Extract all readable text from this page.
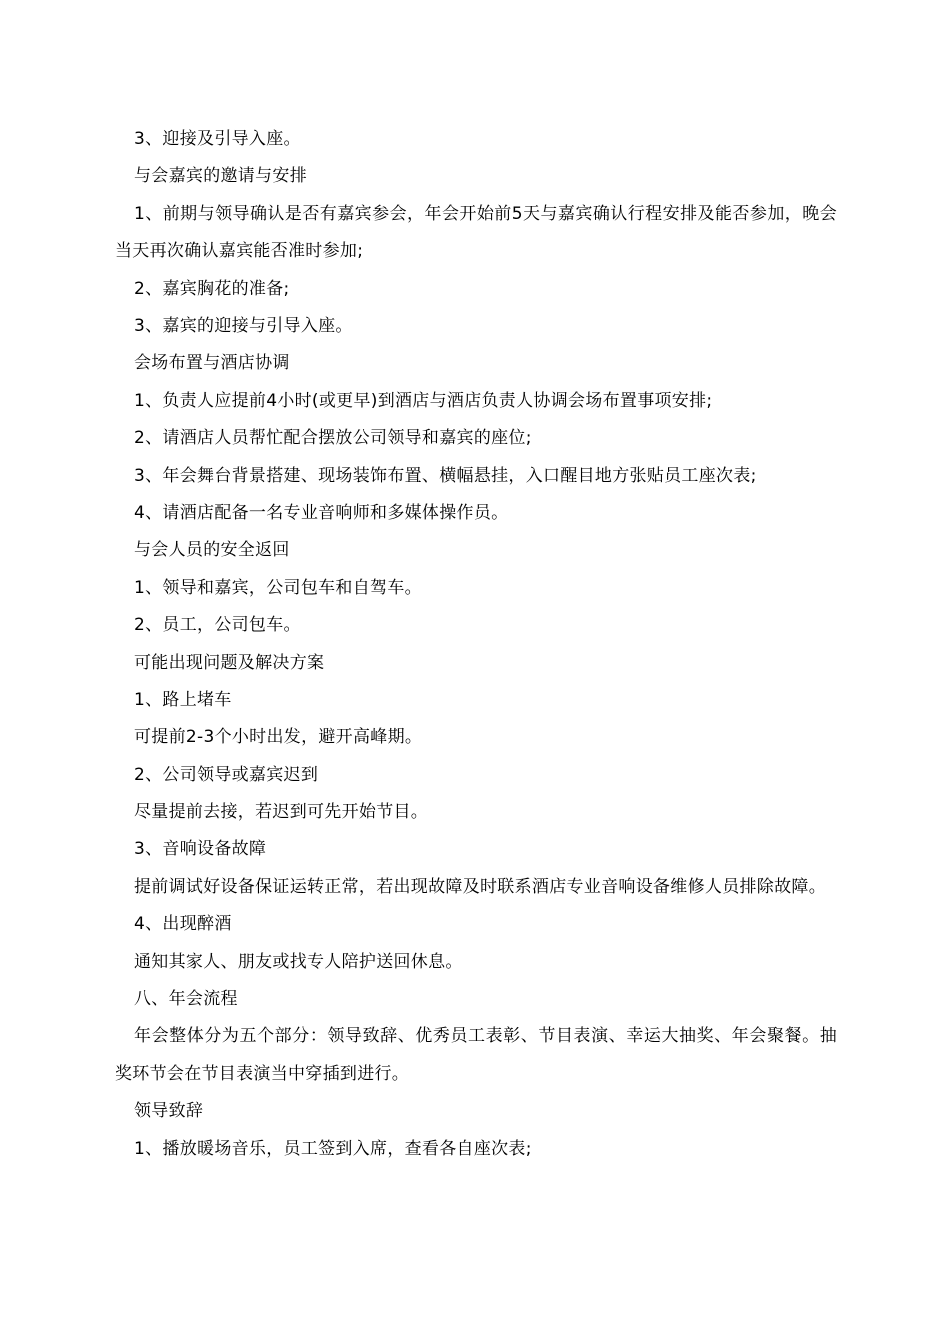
3、迎接及引导入座。
与会嘉宾的邀请与安排
1、前期与领导确认是否有嘉宾参会，年会开始前5天与嘉宾确认行程安排及能否参加，晚会当天再次确认嘉宾能否准时参加;
2、嘉宾胸花的准备;
3、嘉宾的迎接与引导入座。
会场布置与酒店协调
1、负责人应提前4小时(或更早)到酒店与酒店负责人协调会场布置事项安排;
2、请酒店人员帮忙配合摆放公司领导和嘉宾的座位;
3、年会舞台背景搭建、现场装饰布置、横幅悬挂，入口醒目地方张贴员工座次表;
4、请酒店配备一名专业音响师和多媒体操作员。
与会人员的安全返回
1、领导和嘉宾，公司包车和自驾车。
2、员工，公司包车。
可能出现问题及解决方案
1、路上堵车
可提前2-3个小时出发，避开高峰期。
2、公司领导或嘉宾迟到
尽量提前去接，若迟到可先开始节目。
3、音响设备故障
提前调试好设备保证运转正常，若出现故障及时联系酒店专业音响设备维修人员排除故障。
4、出现醉酒
通知其家人、朋友或找专人陪护送回休息。
八、年会流程
年会整体分为五个部分：领导致辞、优秀员工表彰、节目表演、幸运大抽奖、年会聚餐。抽奖环节会在节目表演当中穿插到进行。
领导致辞
1、播放暖场音乐，员工签到入席，查看各自座次表;
